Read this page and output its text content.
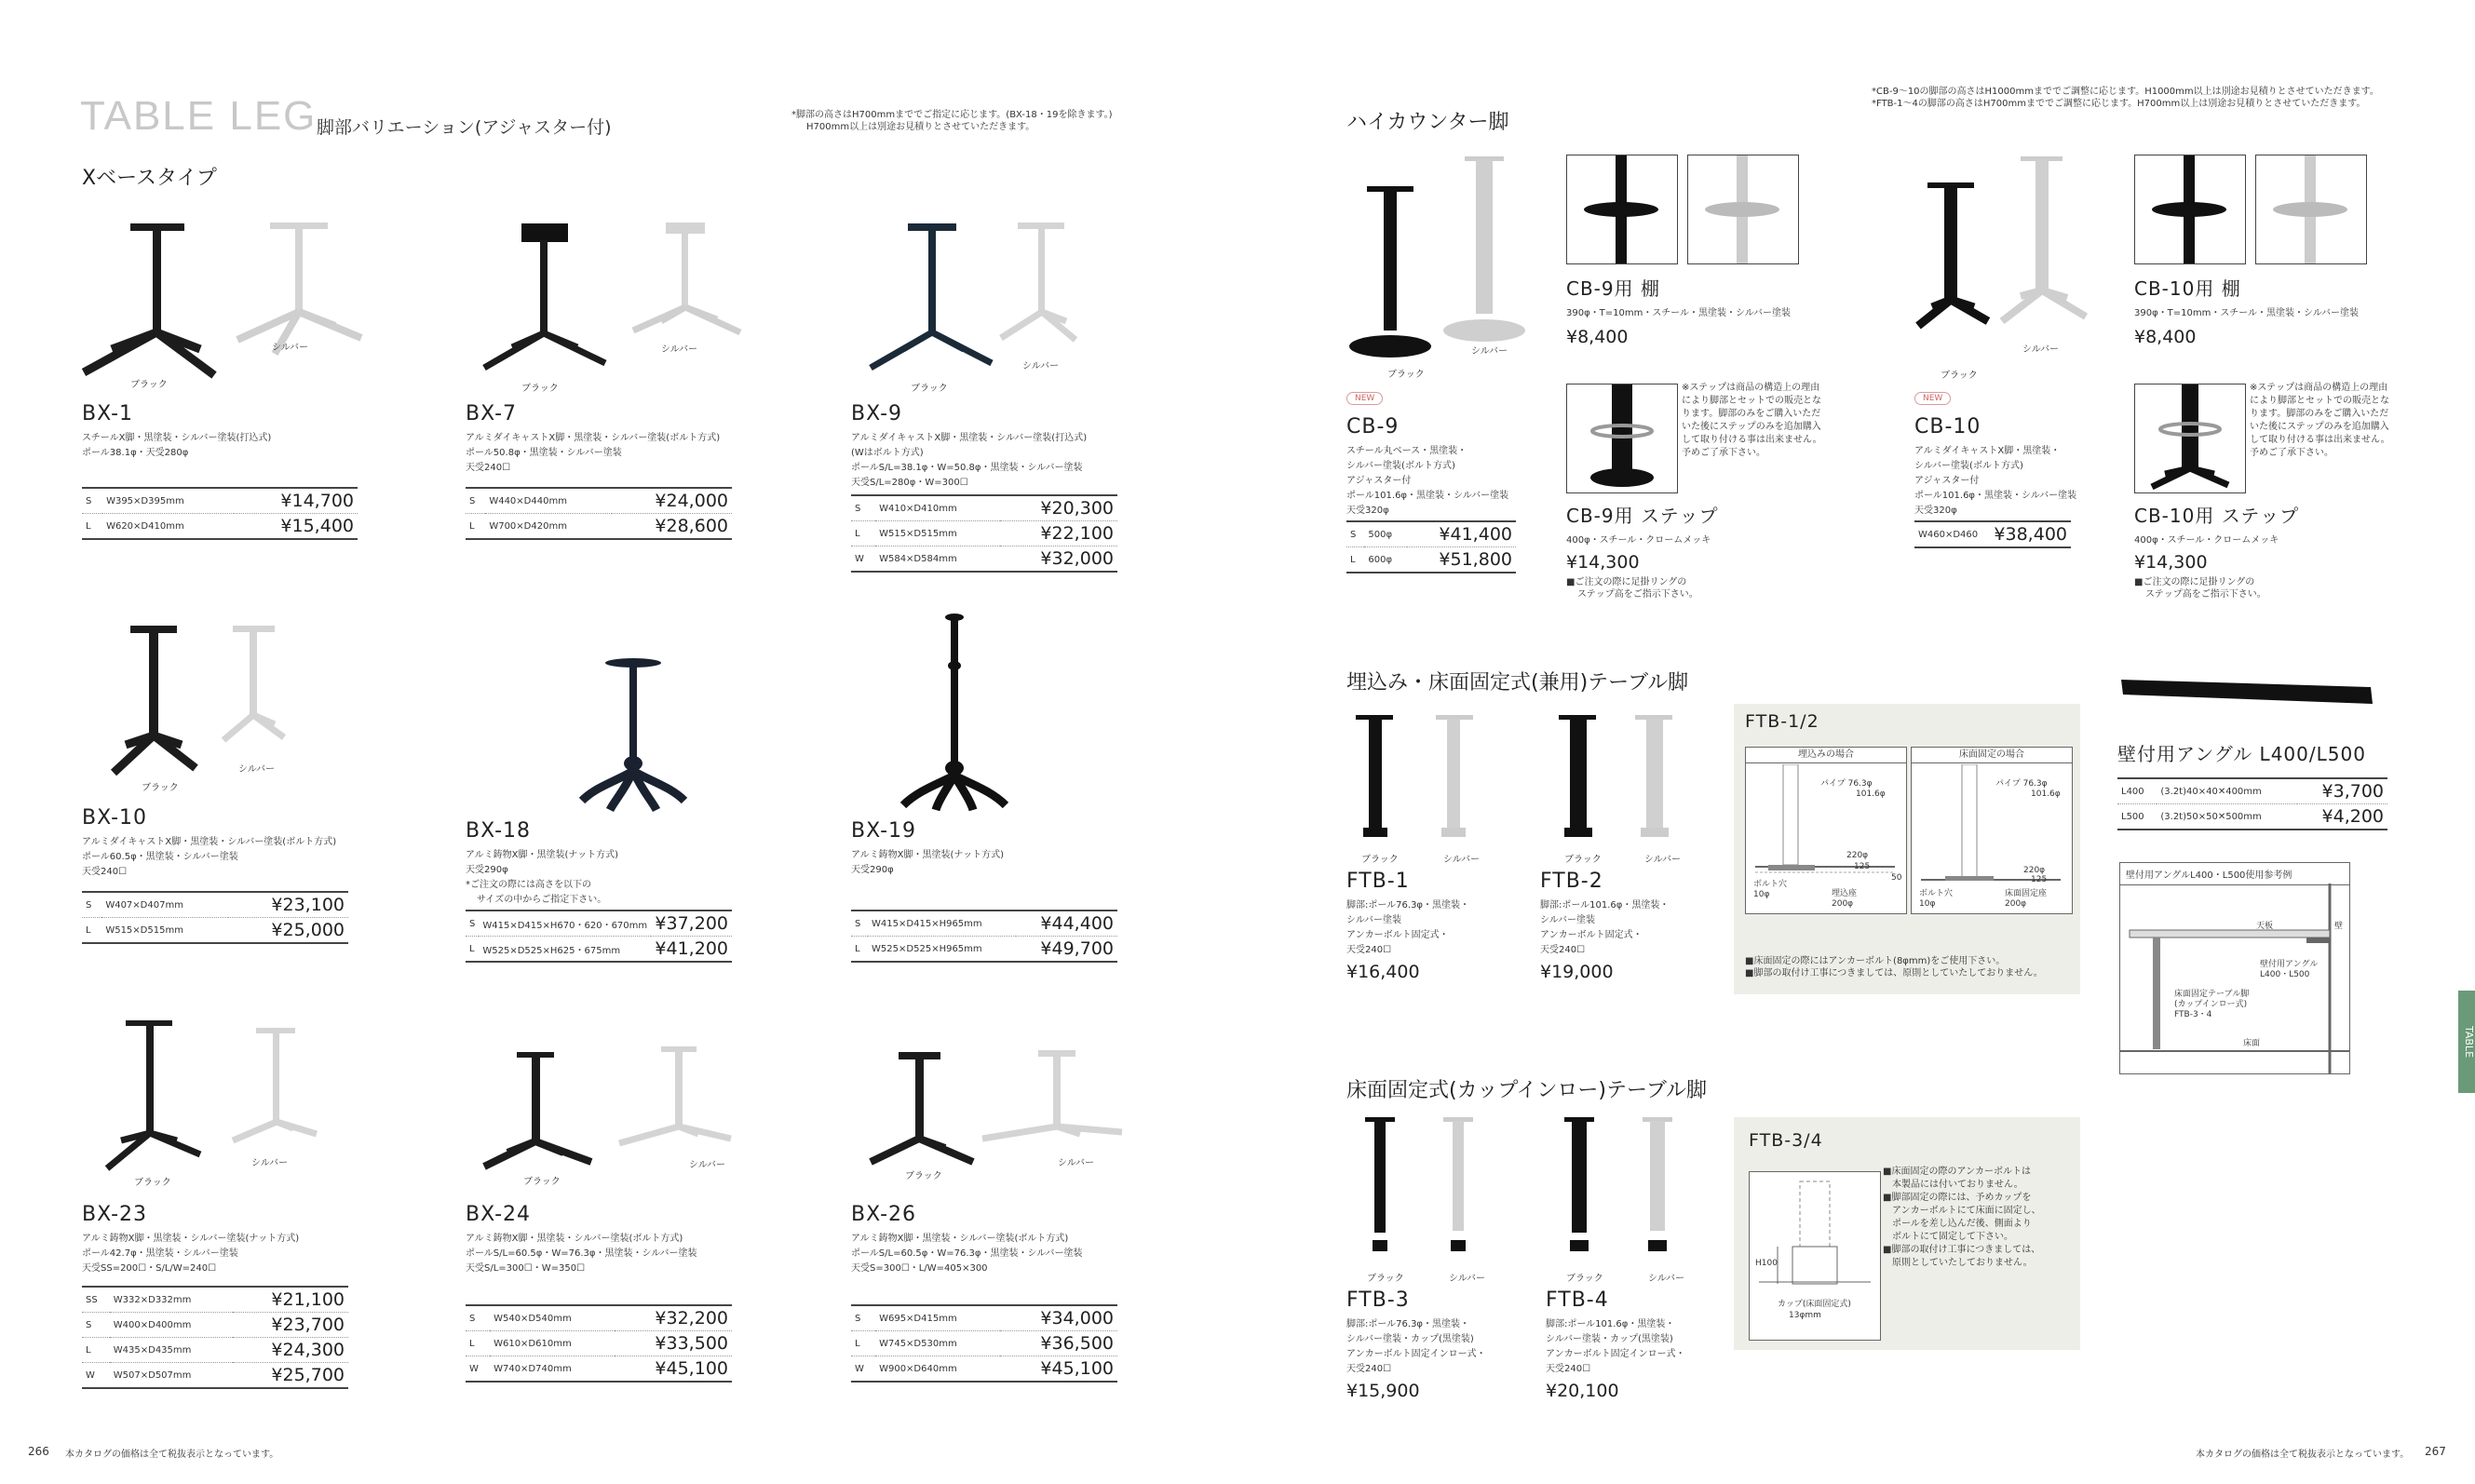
TABLE LEG 脚部バリエーション(アジャスター付)
*脚部の高さはH700mmまででご指定に応じます。(BX-18・19を除きます。)
H700mm以上は別途お見積りとさせていただきます。
Xベースタイプ
ブラック
シルバー
ブラック
シルバー
ブラック
シルバー
ブラック
シルバー
ブラック
シルバー
ブラック
シルバー
ブラック
シルバー
BX-1
スチールX脚・黒塗装・シルバー塗装(打込式)
ポール38.1φ・天受280φ
S	W395×D395mm	¥14,700
L	W620×D410mm	¥15,400
BX-7
アルミダイキャストX脚・黒塗装・シルバー塗装(ボルト方式)
ポール50.8φ・黒塗装・シルバー塗装
天受240☐
S	W440×D440mm	¥24,000
L	W700×D420mm	¥28,600
BX-9
アルミダイキャストX脚・黒塗装・シルバー塗装(打込式)
(Wはボルト方式)
ポールS/L=38.1φ・W=50.8φ・黒塗装・シルバー塗装
天受S/L=280φ・W=300☐
S	W410×D410mm	¥20,300
L	W515×D515mm	¥22,100
W	W584×D584mm	¥32,000
BX-10
アルミダイキャストX脚・黒塗装・シルバー塗装(ボルト方式)
ポール60.5φ・黒塗装・シルバー塗装
天受240☐
S	W407×D407mm	¥23,100
L	W515×D515mm	¥25,000
BX-18
アルミ鋳物X脚・黒塗装(ナット方式)
天受290φ
*ご注文の際には高さを以下の
サイズの中からご指定下さい。
S	W415×D415×H670・620・670mm	¥37,200
L	W525×D525×H625・675mm	¥41,200
BX-19
アルミ鋳物X脚・黒塗装(ナット方式)
天受290φ
S	W415×D415×H965mm	¥44,400
L	W525×D525×H965mm	¥49,700
BX-23
アルミ鋳物X脚・黒塗装・シルバー塗装(ナット方式)
ポール42.7φ・黒塗装・シルバー塗装
天受SS=200☐・S/L/W=240☐
SS	W332×D332mm	¥21,100
S	W400×D400mm	¥23,700
L	W435×D435mm	¥24,300
W	W507×D507mm	¥25,700
BX-24
アルミ鋳物X脚・黒塗装・シルバー塗装(ボルト方式)
ポールS/L=60.5φ・W=76.3φ・黒塗装・シルバー塗装
天受S/L=300☐・W=350☐
S	W540×D540mm	¥32,200
L	W610×D610mm	¥33,500
W	W740×D740mm	¥45,100
BX-26
アルミ鋳物X脚・黒塗装・シルバー塗装(ボルト方式)
ポールS/L=60.5φ・W=76.3φ・黒塗装・シルバー塗装
天受S=300☐・L/W=405×300
S	W695×D415mm	¥34,000
L	W745×D530mm	¥36,500
W	W900×D640mm	¥45,100
266 本カタログの価格は全て税抜表示となっています。
*CB-9〜10の脚部の高さはH1000mmまででご調整に応じます。H1000mm以上は別途お見積りとさせていただきます。
*FTB-1〜4の脚部の高さはH700mmまででご調整に応じます。H700mm以上は別途お見積りとさせていただきます。
ハイカウンター脚
ブラック
シルバー
NEW
CB-9
スチール丸ベース・黒塗装・
シルバー塗装(ボルト方式)
アジャスター付
ポール101.6φ・黒塗装・シルバー塗装
天受320φ
S	500φ	¥41,400
L	600φ	¥51,800
CB-9用 棚
390φ・T=10mm・スチール・黒塗装・シルバー塗装
¥8,400
※ステップは商品の構造上の理由
により脚部とセットでの販売とな
ります。脚部のみをご購入いただ
いた後にステップのみを追加購入
して取り付ける事は出来ません。
予めご了承下さい。
CB-9用 ステップ
400φ・スチール・クロームメッキ
¥14,300
■ご注文の際に足掛リングの
ステップ高をご指示下さい。
ブラック
シルバー
NEW
CB-10
アルミダイキャストX脚・黒塗装・
シルバー塗装(ボルト方式)
アジャスター付
ポール101.6φ・黒塗装・シルバー塗装
天受320φ
W460×D460	¥38,400
CB-10用 棚
390φ・T=10mm・スチール・黒塗装・シルバー塗装
¥8,400
※ステップは商品の構造上の理由
により脚部とセットでの販売とな
ります。脚部のみをご購入いただ
いた後にステップのみを追加購入
して取り付ける事は出来ません。
予めご了承下さい。
CB-10用 ステップ
400φ・スチール・クロームメッキ
¥14,300
■ご注文の際に足掛リングの
ステップ高をご指示下さい。
埋込み・床面固定式(兼用)テーブル脚
ブラック	シルバー	ブラック	シルバー
FTB-1
脚部:ポール76.3φ・黒塗装・
シルバー塗装
アンカーボルト固定式・
天受240☐
¥16,400
FTB-2
脚部:ポール101.6φ・黒塗装・
シルバー塗装
アンカーボルト固定式・
天受240☐
¥19,000
FTB-1/2
埋込みの場合
パイプ 76.3φ
101.6φ
220φ
125
50
ボルト穴
10φ	埋込座
200φ
床面固定の場合
パイプ 76.3φ
101.6φ
220φ
125
ボルト穴
10φ
床面固定座
200φ
■床面固定の際にはアンカーボルト(8φmm)をご使用下さい。
■脚部の取付け工事につきましては、原則としていたしておりません。
壁付用アングル L400/L500
L400	(3.2t)40×40✕400mm	¥3,700
L500	(3.2t)50×50✕500mm	¥4,200
壁付用アングルL400・L500使用参考例
壁
天板
壁付用アングル
L400・L500
床面固定テーブル脚
(カップインロー式)
FTB-3・4
床面	TABLE
床面固定式(カップインロー)テーブル脚
ブラック	シルバー	ブラック	シルバー
FTB-3
脚部:ポール76.3φ・黒塗装・
シルバー塗装・カップ(黒塗装)
アンカーボルト固定インロー式・
天受240☐
¥15,900
FTB-4
脚部:ポール101.6φ・黒塗装・
シルバー塗装・カップ(黒塗装)
アンカーボルト固定インロー式・
天受240☐
¥20,100
FTB-3/4
H100
カップ(床面固定式)
13φmm
■床面固定の際のアンカーボルトは
本製品には付いておりません。
■脚部固定の際には、予めカップを
アンカーボルトにて床面に固定し、
ポールを差し込んだ後、側面より
ボルトにて固定して下さい。
■脚部の取付け工事につきましては、
原則としていたしておりません。
本カタログの価格は全て税抜表示となっています。 267
